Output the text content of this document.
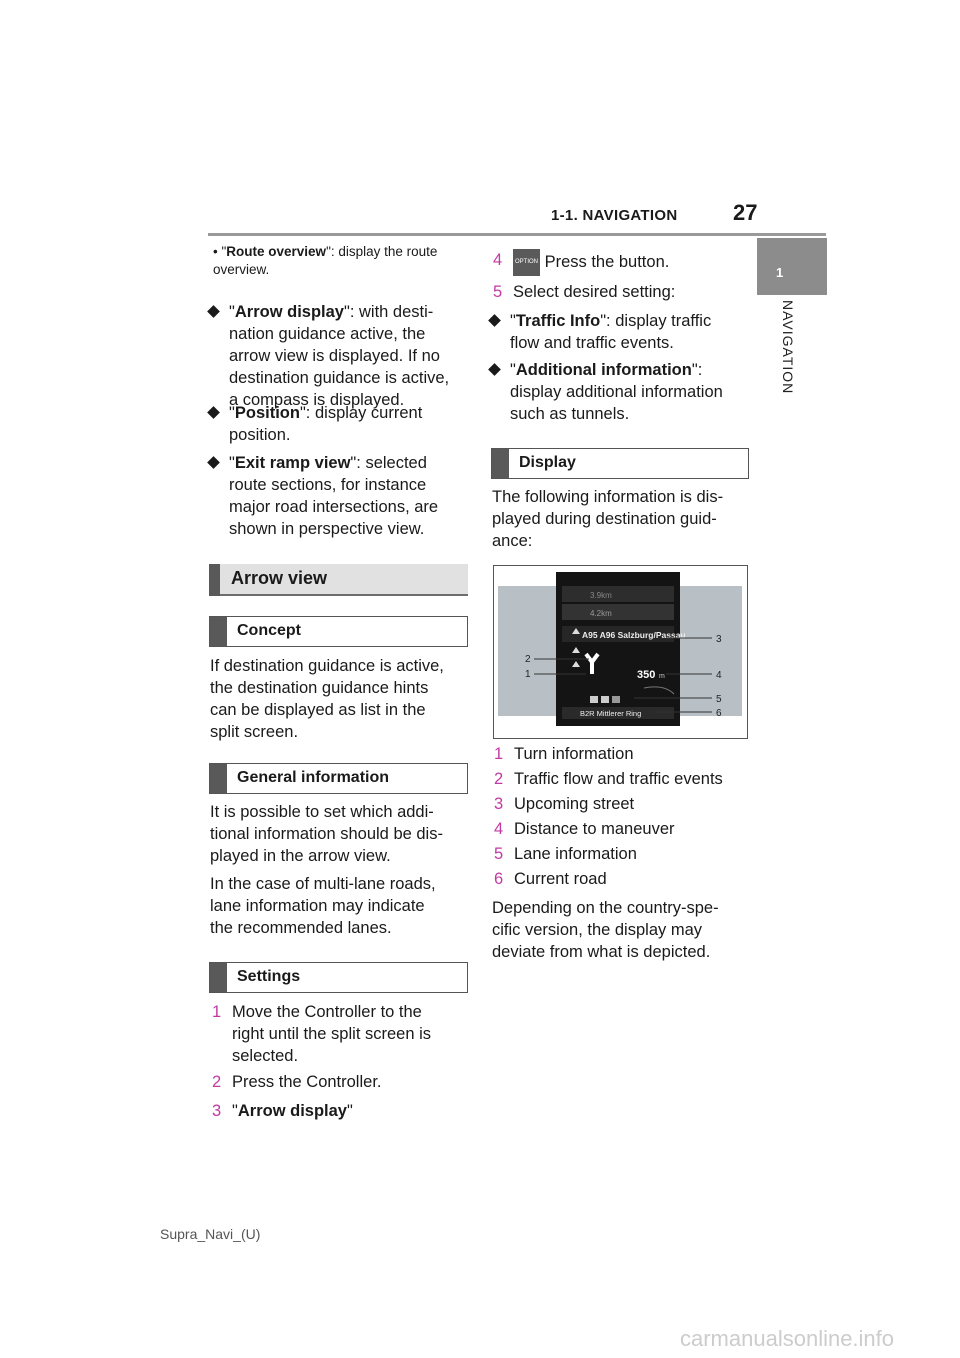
1-1. NAVIGATION	27
1
NAVIGATION
• "Route overview": display the route overview.
"Arrow display": with desti-
nation guidance active, the
arrow view is displayed. If no
destination guidance is active,
a compass is displayed.
"Position": display current
position.
"Exit ramp view": selected
route sections, for instance
major road intersections, are
shown in perspective view.
Arrow view
Concept
If destination guidance is active,
the destination guidance hints
can be displayed as list in the
split screen.
General information
It is possible to set which addi-
tional information should be dis-
played in the arrow view.
In the case of multi-lane roads,
lane information may indicate
the recommended lanes.
Settings
1 Move the Controller to the
right until the split screen is
selected.
2 Press the Controller.
3 "Arrow display"
4 OPTION Press the button.
5 Select desired setting:
"Traffic Info": display traffic
flow and traffic events.
"Additional information":
display additional information
such as tunnels.
Display
The following information is dis-
played during destination guid-
ance:
3.9km
4.2km
A95 A96 Salzburg/Passau
350 m
B2R Mittlerer Ring
2
1
3
4
5
6
1 Turn information
2 Traffic flow and traffic events
3 Upcoming street
4 Distance to maneuver
5 Lane information
6 Current road
Depending on the country-spe-
cific version, the display may
deviate from what is depicted.
Supra_Navi_(U)
carmanualsonline.info
